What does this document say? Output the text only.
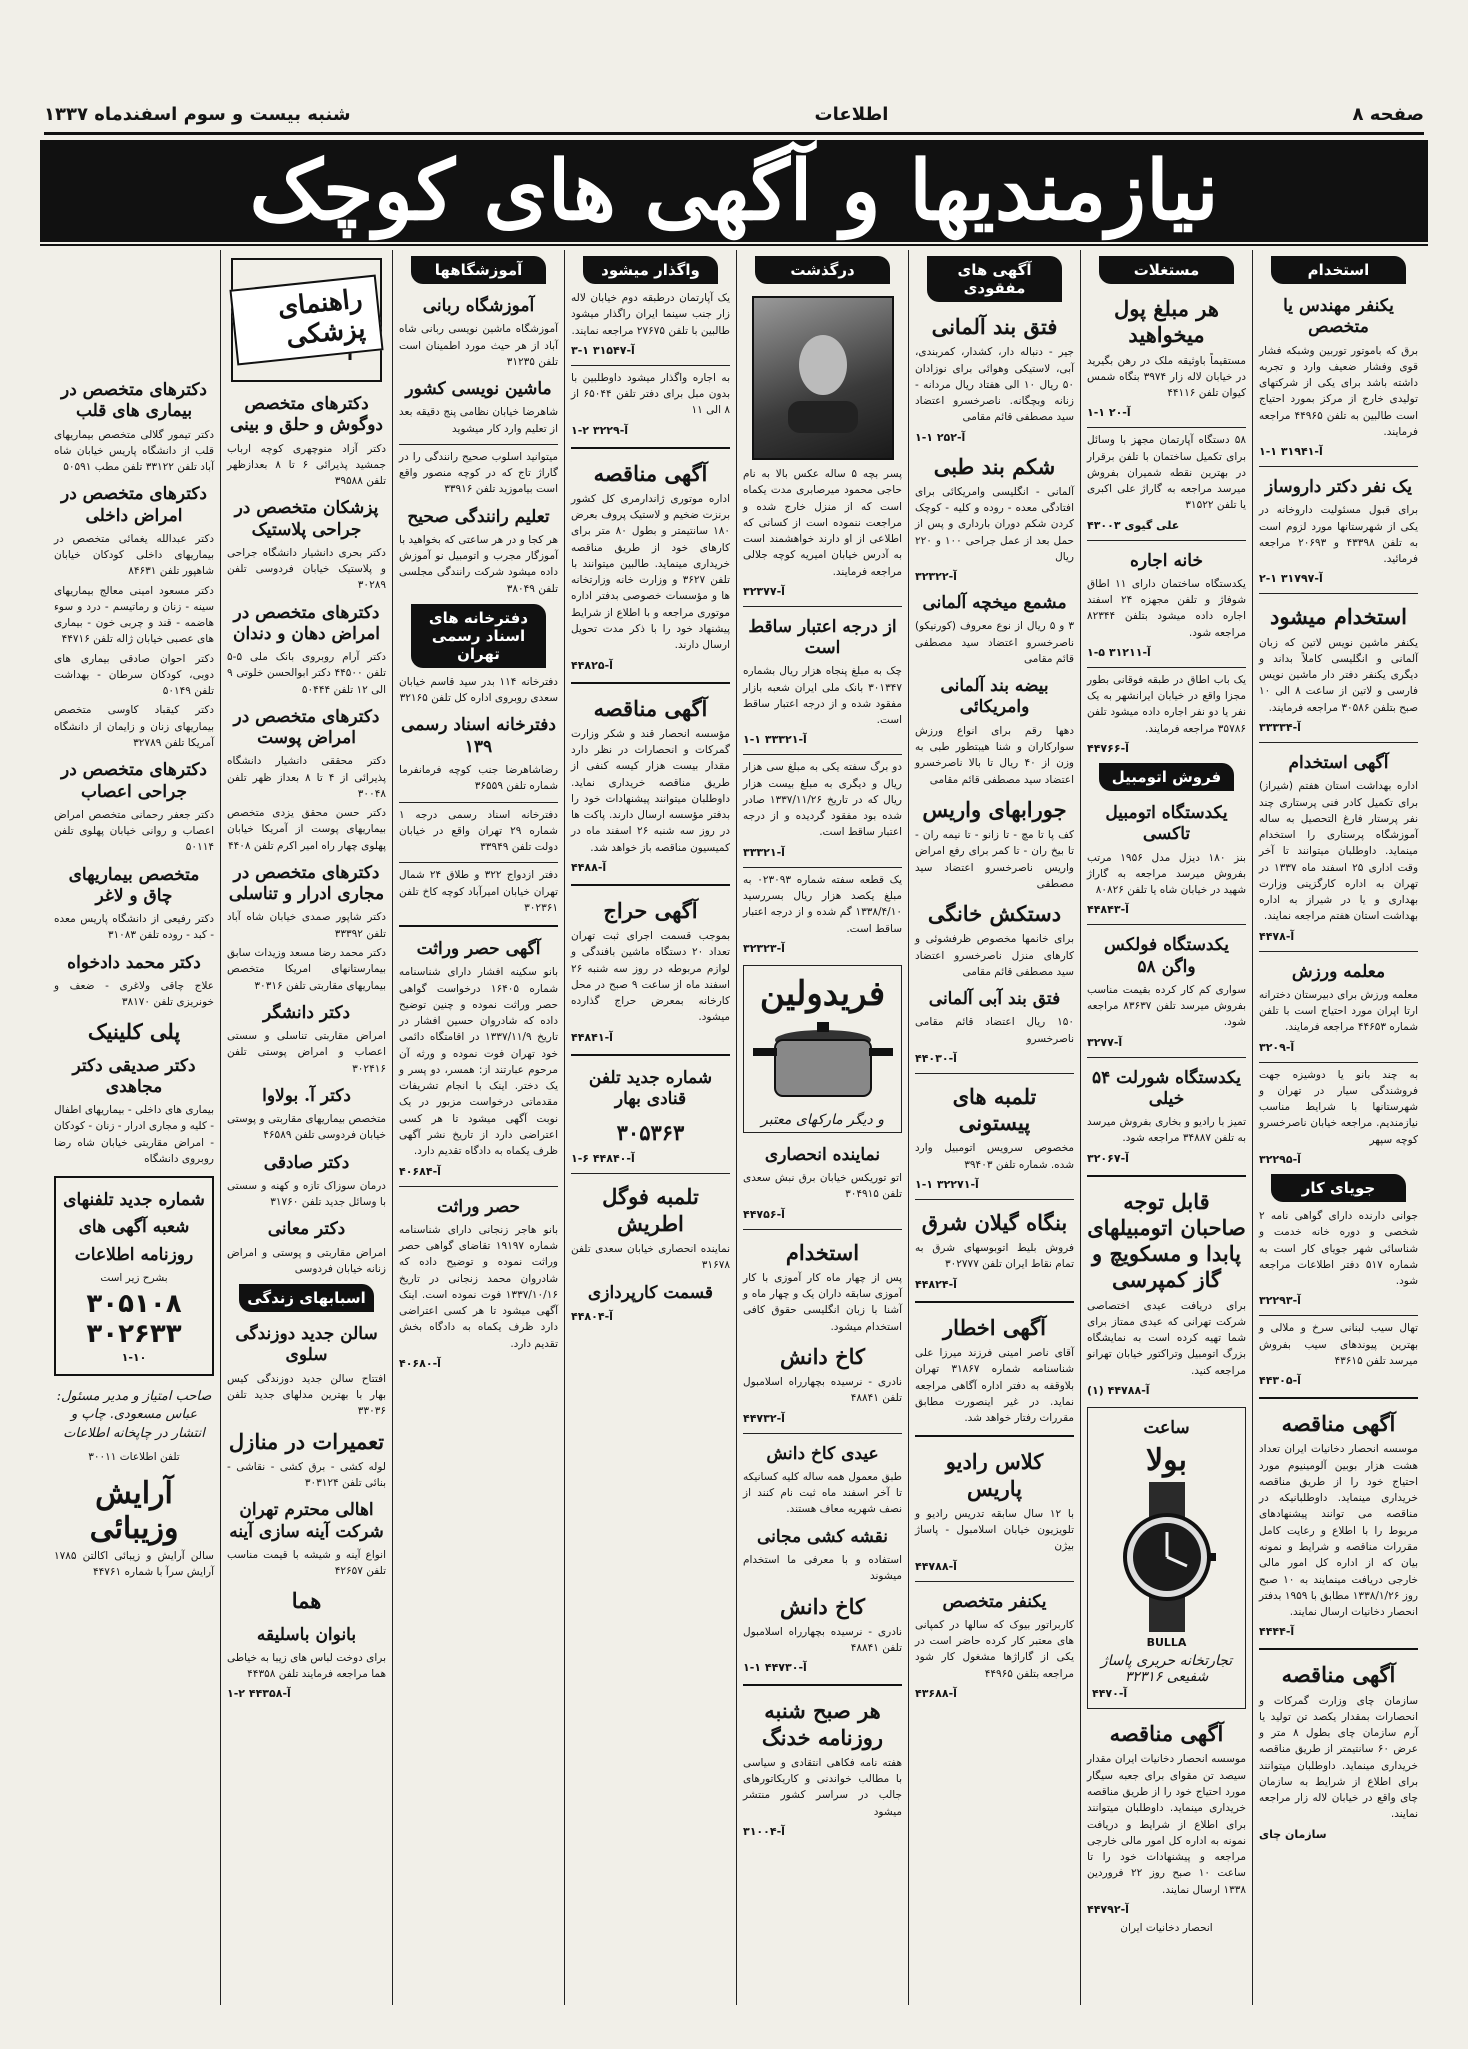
صفحه ۸
اطلاعات
شنبه بیست و سوم اسفندماه ۱۳۳۷
نیازمندیها و آگهی های کوچک
استخدام
یکنفر مهندس یا متخصص

برق که باموتور توربین وشبکه فشار قوی وفشار ضعیف وارد و تجربه داشته باشد برای یکی از شرکتهای تولیدی خارج از مرکز بمورد احتیاج است طالبین به تلفن ۴۴۹۶۵ مراجعه فرمایند.

۱-۱ آ-۳۱۹۴۱
یک نفر دکتر داروساز

برای قبول مسئولیت داروخانه در یکی از شهرستانها مورد لزوم است به تلفن ۴۳۳۹۸ و ۲۰۶۹۳ مراجعه فرمائید.

۲-۱ آ-۳۱۷۹۷
استخدام میشود

یکنفر ماشین نویس لاتین که زبان آلمانی و انگلیسی کاملاً بداند و دیگری یکنفر دفتر دار ماشین نویس فارسی و لاتین از ساعت ۸ الی ۱۰ صبح بتلفن ۳۰۵۸۶ مراجعه فرمایند.

آ-۳۳۳۳۴
آگهی استخدام

اداره بهداشت استان هفتم (شیراز) برای تکمیل کادر فنی پرستاری چند نفر پرستار فارغ التحصیل به ساله آموزشگاه پرستاری را استخدام مینماید. داوطلبان میتوانند تا آخر وقت اداری ۲۵ اسفند ماه ۱۳۳۷ در تهران به اداره کارگزینی وزارت بهداری و یا در شیراز به اداره بهداشت استان هفتم مراجعه نمایند.

آ-۴۴۷۸
معلمه ورزش

معلمه ورزش برای دبیرستان دخترانه ارتا اپران مورد احتیاج است با تلفن شماره ۴۴۶۵۳ مراجعه فرمایند.

آ-۳۲۰۹

به چند بانو یا دوشیزه جهت فروشندگی سیار در تهران و شهرستانها با شرایط مناسب نیازمندیم. مراجعه خیابان ناصرخسرو کوچه سپهر

آ-۳۲۲۹۵
جویای کار

جوانی دارنده دارای گواهی نامه ۲ شخصی و دوره خانه خدمت و شناسائی شهر جویای کار است به شماره ۵۱۷ دفتر اطلاعات مراجعه شود.

آ-۳۲۲۹۳

تهال سیب لبنانی سرخ و ملالی و بهترین پیوندهای سیب بفروش میرسد تلفن ۴۳۶۱۵

آ-۴۴۳۰۵
آگهی مناقصه

موسسه انحصار دخانیات ایران تعداد هشت هزار بوبین آلومینیوم مورد احتیاج خود را از طریق مناقصه خریداری مینماید. داوطلبانیکه در مناقصه می توانند پیشنهادهای مربوط را با اطلاع و رعایت کامل مقررات مناقصه و شرایط و نمونه بیان که از اداره کل امور مالی خارجی دریافت مینمایند به ۱۰ صبح روز ۱۳۳۸/۱/۲۶ مطابق با ۱۹۵۹ بدفتر انحصار دخانیات ارسال نمایند.

آ-۴۴۴۴
آگهی مناقصه

سازمان چای وزارت گمرکات و انحصارات بمقدار یکصد تن تولید یا آرم سازمان چای بطول ۸ متر و عرض ۶۰ سانتیمتر از طریق مناقصه خریداری مینماید. داوطلبان میتوانند برای اطلاع از شرایط به سازمان چای واقع در خیابان لاله زار مراجعه نمایند.

سازمان چای
مستغلات
هر مبلغ پول میخواهید

مستقیماً باوثیقه ملک در رهن بگیرید در خیابان لاله زار ۳۹۷۴ بنگاه شمس کیوان تلفن ۴۴۱۱۶

آ-۲۰ ۱-۱

۵۸ دستگاه آپارتمان مجهز با وسائل برای تکمیل ساختمان با تلفن برقرار در بهترین نقطه شمیران بفروش میرسد مراجعه به گاراژ علی اکبری یا تلفن ۳۱۵۲۲

علی گیوی ۴۳۰۰۳
خانه اجاره

یکدستگاه ساختمان دارای ۱۱ اطاق شوفاژ و تلفن مجهزه ۲۴ اسفند اجاره داده میشود بتلفن ۸۲۳۴۴ مراجعه شود.

آ-۳۱۲۱۱ ۵-۱

یک باب اطاق در طبقه فوقانی بطور مجزا واقع در خیابان ایرانشهر به یک نفر یا دو نفر اجاره داده میشود تلفن ۳۵۷۸۶ مراجعه فرمایند.

آ-۴۴۷۶۶
فروش اتومبیل
یکدستگاه اتومبیل تاکسی

بنز ۱۸۰ دیزل مدل ۱۹۵۶ مرتب بفروش میرسد مراجعه به گاراژ شهید در خیابان شاه یا تلفن ۸۰۸۲۶

آ-۴۴۸۴۳
یکدستگاه فولکس واگن ۵۸

سواری کم کار کرده بقیمت مناسب بفروش میرسد تلفن ۸۳۶۳۷ مراجعه شود.

آ-۳۲۷۷
یکدستگاه شورلت ۵۴ خیلی

تمیز با رادیو و بخاری بفروش میرسد به تلفن ۳۴۸۸۷ مراجعه شود.

آ-۳۲۰۶۷
قابل توجه صاحبان اتومبیلهای پابدا و مسکویچ و گاز کمپرسی

برای دریافت عیدی اختصاصی شرکت تهرانی که عیدی ممتاز برای شما تهیه کرده است به نمایشگاه بزرگ اتومبیل وتراکتور خیابان تهرانو مراجعه کنید.

آ-۴۴۷۸۸ (۱)
ساعت
بولا
BULLA
تجارتخانه حریری پاساژ شفیعی ۳۲۳۱۶
آ-۴۴۷۰
آگهی مناقصه

موسسه انحصار دخانیات ایران مقدار سیصد تن مقوای برای جعبه سیگار مورد احتیاج خود را از طریق مناقصه خریداری مینماید. داوطلبان میتوانند برای اطلاع از شرایط و دریافت نمونه به اداره کل امور مالی خارجی مراجعه و پیشنهادات خود را تا ساعت ۱۰ صبح روز ۲۲ فروردین ۱۳۳۸ ارسال نمایند.

آ-۴۴۷۹۲
انحصار دخانیات ایران
آگهی های مفقودی
فتق بند آلمانی

جیر - دنباله دار، کشدار، کمربندی، آبی، لاستیکی وهوائی برای نوزادان ۵۰ ریال ۱۰ الی هفتاد ریال مردانه - زنانه وبچگانه. ناصرخسرو اعتضاد سید مصطفی قائم مقامی

۱-۱ آ-۲۵۲
شکم بند طبی

آلمانی - انگلیسی وامریکائی برای افتادگی معده - روده و کلیه - کوچک کردن شکم دوران بارداری و پس از حمل بعد از عمل جراحی ۱۰۰ و ۲۲۰ ریال

آ-۳۲۳۲۲
مشمع میخچه آلمانی

۳ و ۵ ریال از نوع معروف (کورنیکو) ناصرخسرو اعتضاد سید مصطفی قائم مقامی

بیضه بند آلمانی وامریکائی

دهها رقم برای انواع ورزش سوارکاران و شنا هیبتطور طبی به وزن از ۴۰ ریال تا بالا ناصرخسرو اعتضاد سید مصطفی قائم مقامی

جورابهای واریس

کف پا تا مچ - تا زانو - تا نیمه ران - تا بیخ ران - تا کمر برای رفع امراض واریس ناصرخسرو اعتضاد سید مصطفی

دستکش خانگی

برای خانمها مخصوص ظرفشوئی و کارهای منزل ناصرخسرو اعتضاد سید مصطفی قائم مقامی

فتق بند آبی آلمانی

۱۵۰ ریال اعتضاد قائم مقامی ناصرخسرو

آ-۴۴۰۳۰
تلمبه های پیستونی

مخصوص سرویس اتومبیل وارد شده. شماره تلفن ۳۹۴۰۳

آ-۳۲۲۷۱ ۱-۱
بنگاه گیلان شرق

فروش بلیط اتوبوسهای شرق به تمام نقاط ایران تلفن ۳۰۲۷۷۷

آ-۴۴۸۲۴
آگهی اخطار

آقای ناصر امینی فرزند میرزا علی شناسنامه شماره ۳۱۸۶۷ تهران بلاوقفه به دفتر اداره آگاهی مراجعه نماید. در غیر اینصورت مطابق مقررات رفتار خواهد شد.

کلاس رادیو پاریس

با ۱۲ سال سابقه تدریس رادیو و تلویزیون خیابان اسلامبول - پاساژ بیژن

آ-۴۴۷۸۸
یکنفر متخصص

کاربراتور بیوک که سالها در کمپانی های معتبر کار کرده حاضر است در یکی از گاراژها مشغول کار شود مراجعه بتلفن ۴۴۹۶۵

آ-۴۳۶۸۸
درگذشت

پسر بچه ۵ ساله عکس بالا به نام حاجی محمود میرصابری مدت یکماه است که از منزل خارج شده و مراجعت ننموده است از کسانی که اطلاعی از او دارند خواهشمند است به آدرس خیابان امیریه کوچه جلالی مراجعه فرمایند.

آ-۳۲۳۷۷
از درجه اعتبار ساقط است

چک به مبلغ پنجاه هزار ریال بشماره ۳۰۱۳۴۷ بانک ملی ایران شعبه بازار مفقود شده و از درجه اعتبار ساقط است.

آ-۳۳۳۲۱ ۱-۱

دو برگ سفته یکی به مبلغ سی هزار ریال و دیگری به مبلغ بیست هزار ریال که در تاریخ ۱۳۳۷/۱۱/۲۶ صادر شده بود مفقود گردیده و از درجه اعتبار ساقط است.

آ-۳۳۳۲۱

یک قطعه سفته شماره ۰۲۳۰۹۳ به مبلغ یکصد هزار ریال بسررسید ۱۳۳۸/۴/۱۰ گم شده و از درجه اعتبار ساقط است.

آ-۳۲۳۲۳
فریدولین
و دیگر مارکهای معتبر
نماینده انحصاری

اتو توریکس خیابان برق نبش سعدی تلفن ۳۰۴۹۱۵

آ-۴۴۷۵۶
استخدام

پس از چهار ماه کار آموزی با کار آموزی سابقه داران یک و چهار ماه و آشنا با زبان انگلیسی حقوق کافی استخدام میشود.

کاخ دانش

نادری - نرسیده بچهارراه اسلامبول تلفن ۴۸۸۴۱

آ-۴۴۷۳۲
عیدی کاخ دانش

طبق معمول همه ساله کلیه کسانیکه تا آخر اسفند ماه ثبت نام کنند از نصف شهریه معاف هستند.

نقشه کشی مجانی

استفاده و با معرفی ما استخدام میشوند

کاخ دانش

نادری - نرسیده بچهارراه اسلامبول تلفن ۴۸۸۴۱

آ-۴۴۷۳۰ ۱-۱
هر صبح شنبه روزنامه خدنگ

هفته نامه فکاهی انتقادی و سیاسی با مطالب خواندنی و کاریکاتورهای جالب در سراسر کشور منتشر میشود

آ-۳۱۰۰۴
واگذار میشود

یک آپارتمان درطبقه دوم خیابان لاله زار جنب سینما ایران راگذار میشود طالبین با تلفن ۲۷۶۷۵ مراجعه نمایند.

آ-۳۱۵۴۷ ۱-۳

به اجاره واگذار میشود داوطلبین با بدون مبل برای دفتر تلفن ۶۵۰۴۴ از ۸ الی ۱۱

آ-۳۲۲۹ ۲-۱
آگهی مناقصه

اداره موتوری ژاندارمری کل کشور برنزت ضخیم و لاستیک پروف بعرض ۱۸۰ سانتیمتر و بطول ۸۰ متر برای کارهای خود از طریق مناقصه خریداری مینماید. طالبین میتوانند با تلفن ۳۶۲۷ و وزارت خانه وزارتخانه ها و مؤسسات خصوصی بدفتر اداره موتوری مراجعه و با اطلاع از شرایط پیشنهاد خود را با ذکر مدت تحویل ارسال دارند.

آ-۴۴۸۲۵
آگهی مناقصه

مؤسسه انحصار قند و شکر وزارت گمرکات و انحصارات در نظر دارد مقدار بیست هزار کیسه کنفی از طریق مناقصه خریداری نماید. داوطلبان میتوانند پیشنهادات خود را بدفتر مؤسسه ارسال دارند. پاکت ها در روز سه شنبه ۲۶ اسفند ماه در کمیسیون مناقصه باز خواهد شد.

آ-۴۴۸۸
آگهی حراج

بموجب قسمت اجرای ثبت تهران تعداد ۲۰ دستگاه ماشین بافندگی و لوازم مربوطه در روز سه شنبه ۲۶ اسفند ماه از ساعت ۹ صبح در محل کارخانه بمعرض حراج گذارده میشود.

آ-۴۴۸۴۱
شماره جدید تلفن قنادی بهار
۳۰۵۳۶۳
۱-۶ آ-۴۴۸۴۰
تلمبه فوگل اطریش

نماینده انحصاری خیابان سعدی تلفن ۳۱۶۷۸

قسمت کارپردازی
آ-۴۴۸۰۴
آموزشگاهها
آموزشگاه ربانی

آموزشگاه ماشین نویسی ربانی شاه آباد از هر حیث مورد اطمینان است تلفن ۳۱۲۳۵

ماشین نویسی کشور

شاهرضا خیابان نظامی پنج دقیقه بعد از تعلیم وارد کار میشوید

میتوانید اسلوب صحیح رانندگی را در گاراژ تاج که در کوچه منصور واقع است بیاموزید تلفن ۳۳۹۱۶

تعلیم رانندگی صحیح

هر کجا و در هر ساعتی که بخواهید با آموزگار مجرب و اتومبیل نو آموزش داده میشود شرکت رانندگی مجلسی تلفن ۳۸۰۴۹

دفترخانه های اسناد رسمی تهران

دفترخانه ۱۱۴ بدر سید قاسم خیابان سعدی روبروی اداره کل تلفن ۳۲۱۶۵

دفترخانه اسناد رسمی ۱۳۹

رضاشاهرضا جنب کوچه فرمانفرما شماره تلفن ۳۶۵۵۹

دفترخانه اسناد رسمی درجه ۱ شماره ۲۹ تهران واقع در خیابان دولت تلفن ۳۳۹۴۹

دفتر ازدواج ۳۲۲ و طلاق ۲۴ شمال تهران خیابان امیرآباد کوچه کاخ تلفن ۳۰۲۳۶۱

آگهی حصر وراثت

بانو سکینه افشار دارای شناسنامه شماره ۱۶۴۰۵ درخواست گواهی حصر وراثت نموده و چنین توضیح داده که شادروان حسین افشار در تاریخ ۱۳۳۷/۱۱/۹ در اقامتگاه دائمی خود تهران فوت نموده و ورثه آن مرحوم عبارتند از: همسر، دو پسر و یک دختر. اینک با انجام تشریفات مقدماتی درخواست مزبور در یک نوبت آگهی میشود تا هر کسی اعتراضی دارد از تاریخ نشر آگهی ظرف یکماه به دادگاه تقدیم دارد.

آ-۴۰۶۸۴
حصر وراثت

بانو هاجر زنجانی دارای شناسنامه شماره ۱۹۱۹۷ تقاضای گواهی حصر وراثت نموده و توضیح داده که شادروان محمد زنجانی در تاریخ ۱۳۳۷/۱۰/۱۶ فوت نموده است. اینک آگهی میشود تا هر کسی اعتراضی دارد ظرف یکماه به دادگاه بخش تقدیم دارد.

آ-۴۰۶۸۰
راهنمای پزشکی
دکترهای متخصص دوگوش و حلق و بینی

دکتر آزاد منوچهری کوچه ارباب جمشید پذیرائی ۶ تا ۸ بعدازظهر تلفن ۳۹۵۸۸

پزشکان متخصص در جراحی پلاستیک

دکتر بحری دانشیار دانشگاه جراحی و پلاستیک خیابان فردوسی تلفن ۳۰۲۸۹

دکترهای متخصص در امراض دهان و دندان

دکتر آرام روبروی بانک ملی ۵-۵ تلفن ۴۴۵۰۰ دکتر ابوالحسن خلوتی ۹ الی ۱۲ تلفن ۵۰۴۴۴

دکترهای متخصص در امراض پوست

دکتر محققی دانشیار دانشگاه پذیرائی از ۴ تا ۸ بعداز ظهر تلفن ۳۰۰۴۸

دکتر حسن محقق یزدی متخصص بیماریهای پوست از آمریکا خیابان پهلوی چهار راه امیر اکرم تلفن ۴۴۰۸

دکترهای متخصص در مجاری ادرار و تناسلی

دکتر شاپور صمدی خیابان شاه آباد تلفن ۳۳۳۹۲

دکتر محمد رضا مسعد وزیدات سابق بیمارستانهای امریکا متخصص بیماریهای مقاربتی تلفن ۳۰۳۱۶

دکتر دانشگر

امراض مقاربتی تناسلی و سستی اعصاب و امراض پوستی تلفن ۳۰۲۴۱۶

دکتر آ. بولاوا

متخصص بیماریهای مقاربتی و پوستی خیابان فردوسی تلفن ۴۶۵۸۹

دکتر صادقی

درمان سوزاک تازه و کهنه و سستی با وسائل جدید تلفن ۳۱۷۶۰

دکتر معانی

امراض مقاربتی و پوستی و امراض زنانه خیابان فردوسی

اسبابهای زندگی
سالن جدید دوزندگی سلوی

افتتاح سالن جدید دوزندگی کیس بهار با بهترین مدلهای جدید تلفن ۳۳۰۳۶

تعمیرات در منازل

لوله کشی - برق کشی - نقاشی - بنائی تلفن ۳۰۳۱۲۴

اهالی محترم تهران شرکت آینه سازی آینه

انواع آینه و شیشه با قیمت مناسب تلفن ۴۲۶۵۷

هما
بانوان باسلیقه

برای دوخت لباس های زیبا به خیاطی هما مراجعه فرمایند تلفن ۴۴۳۵۸

آ-۴۴۳۵۸ ۲-۱
دکترهای متخصص در بیماری های قلب

دکتر تیمور گلالی متخصص بیماریهای قلب از دانشگاه پاریس خیابان شاه آباد تلفن ۳۳۱۲۲ تلفن مطب ۵۰۵۹۱

دکترهای متخصص در امراض داخلی

دکتر عبدالله یغمائی متخصص در بیماریهای داخلی کودکان خیابان شاهپور تلفن ۸۴۶۳۱

دکتر مسعود امینی معالج بیماریهای سینه - زنان و رماتیسم - درد و سوء هاضمه - قند و چربی خون - بیماری های عصبی خیابان ژاله تلفن ۴۴۷۱۶

دکتر احوان صادقی بیماری های دوبی، کودکان سرطان - بهداشت تلفن ۵۰۱۴۹

دکتر کیقباد کاوسی متخصص بیماریهای زنان و زایمان از دانشگاه آمریکا تلفن ۳۲۷۸۹

دکترهای متخصص در جراحی اعصاب

دکتر جعفر رحمانی متخصص امراض اعصاب و روانی خیابان پهلوی تلفن ۵۰۱۱۴

متخصص بیماریهای چاق و لاغر

دکتر رفیعی از دانشگاه پاریس معده - کبد - روده تلفن ۳۱۰۸۳

دکتر محمد دادخواه

علاج چاقی ولاغری - ضعف و خونریزی تلفن ۳۸۱۷۰

پلی کلینیک
دکتر صدیقی دکتر مجاهدی

بیماری های داخلی - بیماریهای اطفال - کلیه و مجاری ادرار - زنان - کودکان - امراض مقاربتی خیابان شاه رضا روبروی دانشگاه

شماره جدید تلفنهای
شعبه آگهی های
روزنامه اطلاعات
بشرح زیر است
۳۰۵۱۰۸
۳۰۲۶۳۳
۱-۱۰
صاحب امتیاز و مدیر مسئول: عباس مسعودی. چاپ و انتشار در چاپخانه اطلاعات
تلفن اطلاعات ۳۰۰۱۱
آرایش وزیبائی

سالن آرایش و زیبائی اکالتن ۱۷۸۵ آرایش سرآ با شماره ۴۴۷۶۱
